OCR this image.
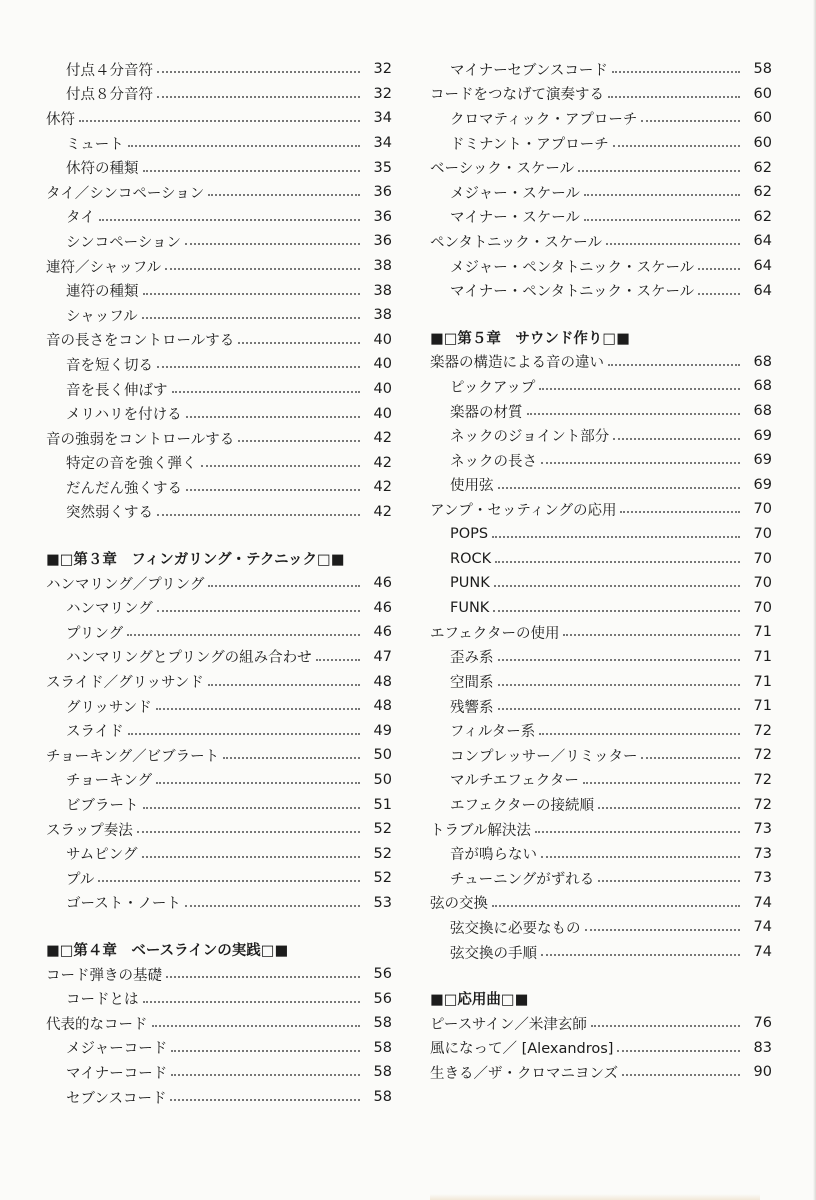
付点４分音符	32
付点８分音符	32
休符	34
ミュート	34
休符の種類	35
タイ／シンコペーション	36
タイ	36
シンコペーション	36
連符／シャッフル	38
連符の種類	38
シャッフル	38
音の長さをコントロールする	40
音を短く切る	40
音を長く伸ばす	40
メリハリを付ける	40
音の強弱をコントロールする	42
特定の音を強く弾く	42
だんだん強くする	42
突然弱くする	42
■□第３章　フィンガリング・テクニック□■
ハンマリング／プリング	46
ハンマリング	46
プリング	46
ハンマリングとプリングの組み合わせ	47
スライド／グリッサンド	48
グリッサンド	48
スライド	49
チョーキング／ビブラート	50
チョーキング	50
ビブラート	51
スラップ奏法	52
サムピング	52
プル	52
ゴースト・ノート	53
■□第４章　ベースラインの実践□■
コード弾きの基礎	56
コードとは	56
代表的なコード	58
メジャーコード	58
マイナーコード	58
セブンスコード	58
マイナーセブンスコード	58
コードをつなげて演奏する	60
クロマティック・アプローチ	60
ドミナント・アプローチ	60
ベーシック・スケール	62
メジャー・スケール	62
マイナー・スケール	62
ペンタトニック・スケール	64
メジャー・ペンタトニック・スケール	64
マイナー・ペンタトニック・スケール	64
■□第５章　サウンド作り□■
楽器の構造による音の違い	68
ピックアップ	68
楽器の材質	68
ネックのジョイント部分	69
ネックの長さ	69
使用弦	69
アンプ・セッティングの応用	70
POPS	70
ROCK	70
PUNK	70
FUNK	70
エフェクターの使用	71
歪み系	71
空間系	71
残響系	71
フィルター系	72
コンプレッサー／リミッター	72
マルチエフェクター	72
エフェクターの接続順	72
トラブル解決法	73
音が鳴らない	73
チューニングがずれる	73
弦の交換	74
弦交換に必要なもの	74
弦交換の手順	74
■□応用曲□■
ピースサイン／米津玄師	76
風になって／ [Alexandros]	83
生きる／ザ・クロマニヨンズ	90
